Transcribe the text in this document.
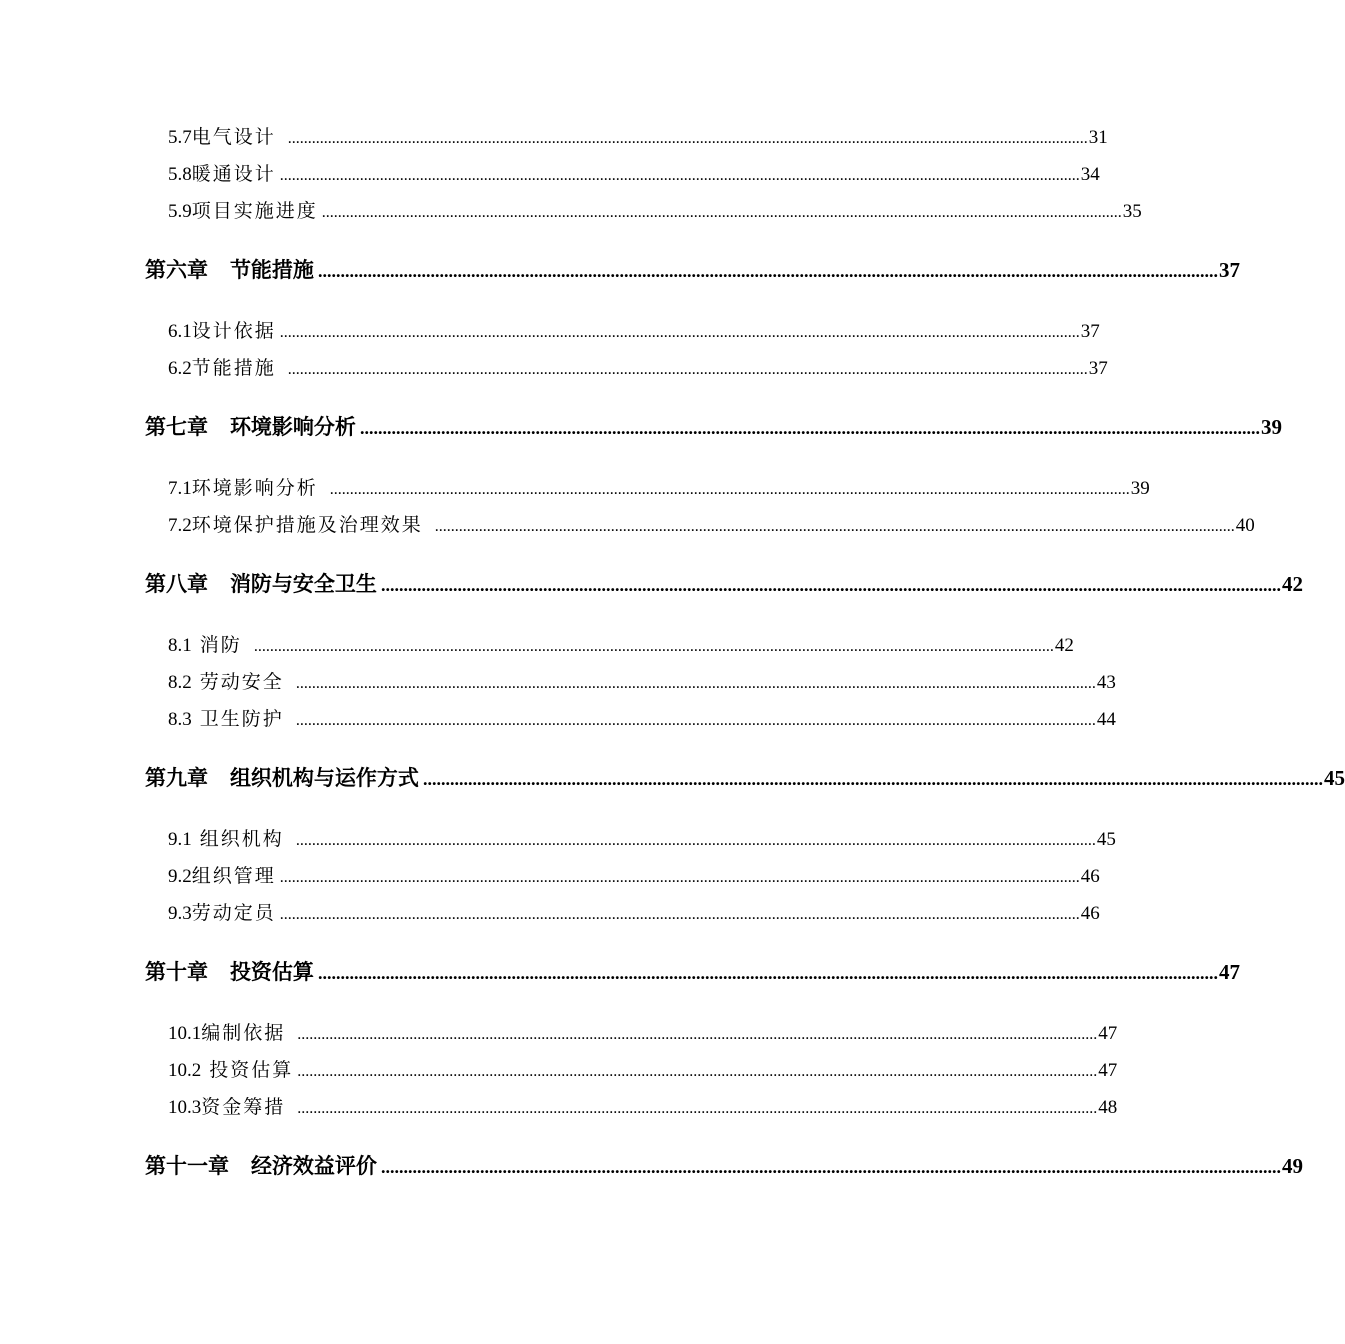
5.7电气设计 ........................................................................................................................................................................................................ 31
5.8暖通设计 ........................................................................................................................................................................................................ 34
5.9项目实施进度 ........................................................................................................................................................................................................ 35
第六章 节能措施 ........................................................................................................................................................................................................ 37
6.1设计依据 ........................................................................................................................................................................................................ 37
6.2节能措施 ........................................................................................................................................................................................................ 37
第七章 环境影响分析 ........................................................................................................................................................................................................ 39
7.1环境影响分析 ........................................................................................................................................................................................................ 39
7.2环境保护措施及治理效果 ........................................................................................................................................................................................................ 40
第八章 消防与安全卫生 ........................................................................................................................................................................................................ 42
8.1 消防 ........................................................................................................................................................................................................ 42
8.2 劳动安全 ........................................................................................................................................................................................................ 43
8.3 卫生防护 ........................................................................................................................................................................................................ 44
第九章 组织机构与运作方式 ........................................................................................................................................................................................................ 45
9.1 组织机构 ........................................................................................................................................................................................................ 45
9.2组织管理 ........................................................................................................................................................................................................ 46
9.3劳动定员 ........................................................................................................................................................................................................ 46
第十章 投资估算 ........................................................................................................................................................................................................ 47
10.1编制依据 ........................................................................................................................................................................................................ 47
10.2 投资估算 ........................................................................................................................................................................................................ 47
10.3资金筹措 ........................................................................................................................................................................................................ 48
第十一章 经济效益评价 ........................................................................................................................................................................................................ 49
